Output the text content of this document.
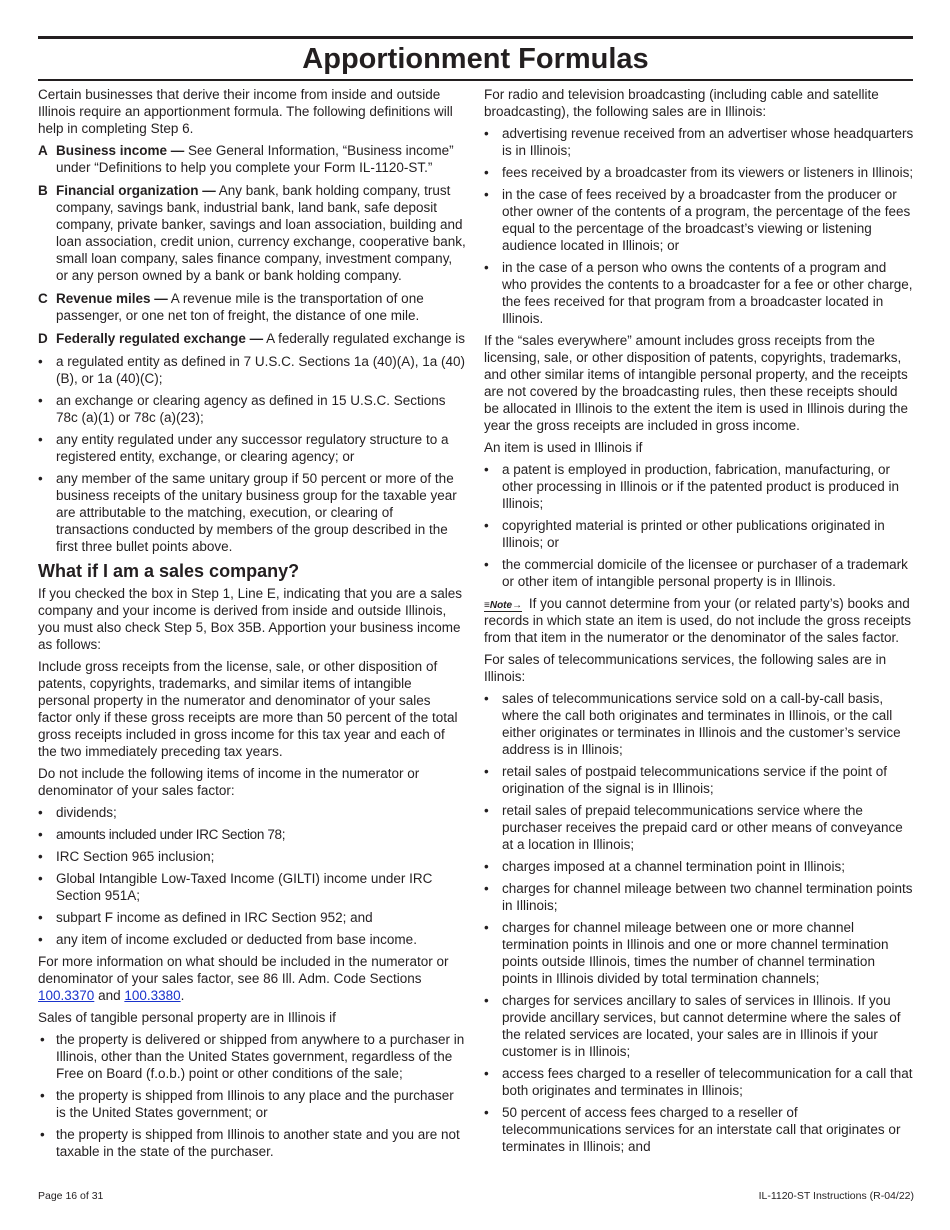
Apportionment Formulas

Certain businesses that derive their income from inside and outside Illinois require an apportionment formula. The following definitions will help in completing Step 6.

A Business income — See General Information, “Business income” under “Definitions to help you complete your Form IL-1120-ST.”
B Financial organization — Any bank, bank holding company, trust company, savings bank, industrial bank, land bank, safe deposit company, private banker, savings and loan association, building and loan association, credit union, currency exchange, cooperative bank, small loan company, sales finance company, investment company, or any person owned by a bank or bank holding company.
C Revenue miles — A revenue mile is the transportation of one passenger, or one net ton of freight, the distance of one mile.
D Federally regulated exchange — A federally regulated exchange is
• a regulated entity as defined in 7 U.S.C. Sections 1a (40)(A), 1a (40) (B), or 1a (40)(C);
• an exchange or clearing agency as defined in 15 U.S.C. Sections 78c (a)(1) or 78c (a)(23);
• any entity regulated under any successor regulatory structure to a registered entity, exchange, or clearing agency; or
• any member of the same unitary group if 50 percent or more of the business receipts of the unitary business group for the taxable year are attributable to the matching, execution, or clearing of transactions conducted by members of the group described in the first three bullet points above.
What if I am a sales company?

If you checked the box in Step 1, Line E, indicating that you are a sales company and your income is derived from inside and outside Illinois, you must also check Step 5, Box 35B. Apportion your business income as follows:

Include gross receipts from the license, sale, or other disposition of patents, copyrights, trademarks, and similar items of intangible personal property in the numerator and denominator of your sales factor only if these gross receipts are more than 50 percent of the total gross receipts included in gross income for this tax year and each of the two immediately preceding tax years.

Do not include the following items of income in the numerator or denominator of your sales factor:

• dividends;
• amounts included under IRC Section 78;
• IRC Section 965 inclusion;
• Global Intangible Low-Taxed Income (GILTI) income under IRC Section 951A;
• subpart F income as defined in IRC Section 952; and
• any item of income excluded or deducted from base income.

For more information on what should be included in the numerator or denominator of your sales factor, see 86 Ill. Adm. Code Sections 100.3370 and 100.3380.

Sales of tangible personal property are in Illinois if

• the property is delivered or shipped from anywhere to a purchaser in Illinois, other than the United States government, regardless of the Free on Board (f.o.b.) point or other conditions of the sale;
• the property is shipped from Illinois to any place and the purchaser is the United States government; or
• the property is shipped from Illinois to another state and you are not taxable in the state of the purchaser.

For radio and television broadcasting (including cable and satellite broadcasting), the following sales are in Illinois:

• advertising revenue received from an advertiser whose headquarters is in Illinois;
• fees received by a broadcaster from its viewers or listeners in Illinois;
• in the case of fees received by a broadcaster from the producer or other owner of the contents of a program, the percentage of the fees equal to the percentage of the broadcast’s viewing or listening audience located in Illinois; or
• in the case of a person who owns the contents of a program and who provides the contents to a broadcaster for a fee or other charge, the fees received for that program from a broadcaster located in Illinois.

If the “sales everywhere” amount includes gross receipts from the licensing, sale, or other disposition of patents, copyrights, trademarks, and other similar items of intangible personal property, and the receipts are not covered by the broadcasting rules, then these receipts should be allocated in Illinois to the extent the item is used in Illinois during the year the gross receipts are included in gross income.

An item is used in Illinois if

• a patent is employed in production, fabrication, manufacturing, or other processing in Illinois or if the patented product is produced in Illinois;
• copyrighted material is printed or other publications originated in Illinois; or
• the commercial domicile of the licensee or purchaser of a trademark or other item of intangible personal property is in Illinois.

≡Note→ If you cannot determine from your (or related party’s) books and records in which state an item is used, do not include the gross receipts from that item in the numerator or the denominator of the sales factor.

For sales of telecommunications services, the following sales are in Illinois:

• sales of telecommunications service sold on a call-by-call basis, where the call both originates and terminates in Illinois, or the call either originates or terminates in Illinois and the customer’s service address is in Illinois;
• retail sales of postpaid telecommunications service if the point of origination of the signal is in Illinois;
• retail sales of prepaid telecommunications service where the purchaser receives the prepaid card or other means of conveyance at a location in Illinois;
• charges imposed at a channel termination point in Illinois;
• charges for channel mileage between two channel termination points in Illinois;
• charges for channel mileage between one or more channel termination points in Illinois and one or more channel termination points outside Illinois, times the number of channel termination points in Illinois divided by total termination channels;
• charges for services ancillary to sales of services in Illinois. If you provide ancillary services, but cannot determine where the sales of the related services are located, your sales are in Illinois if your customer is in Illinois;
• access fees charged to a reseller of telecommunication for a call that both originates and terminates in Illinois;
• 50 percent of access fees charged to a reseller of telecommunications services for an interstate call that originates or terminates in Illinois; and
Page 16 of 31	IL-1120-ST Instructions (R-04/22)
